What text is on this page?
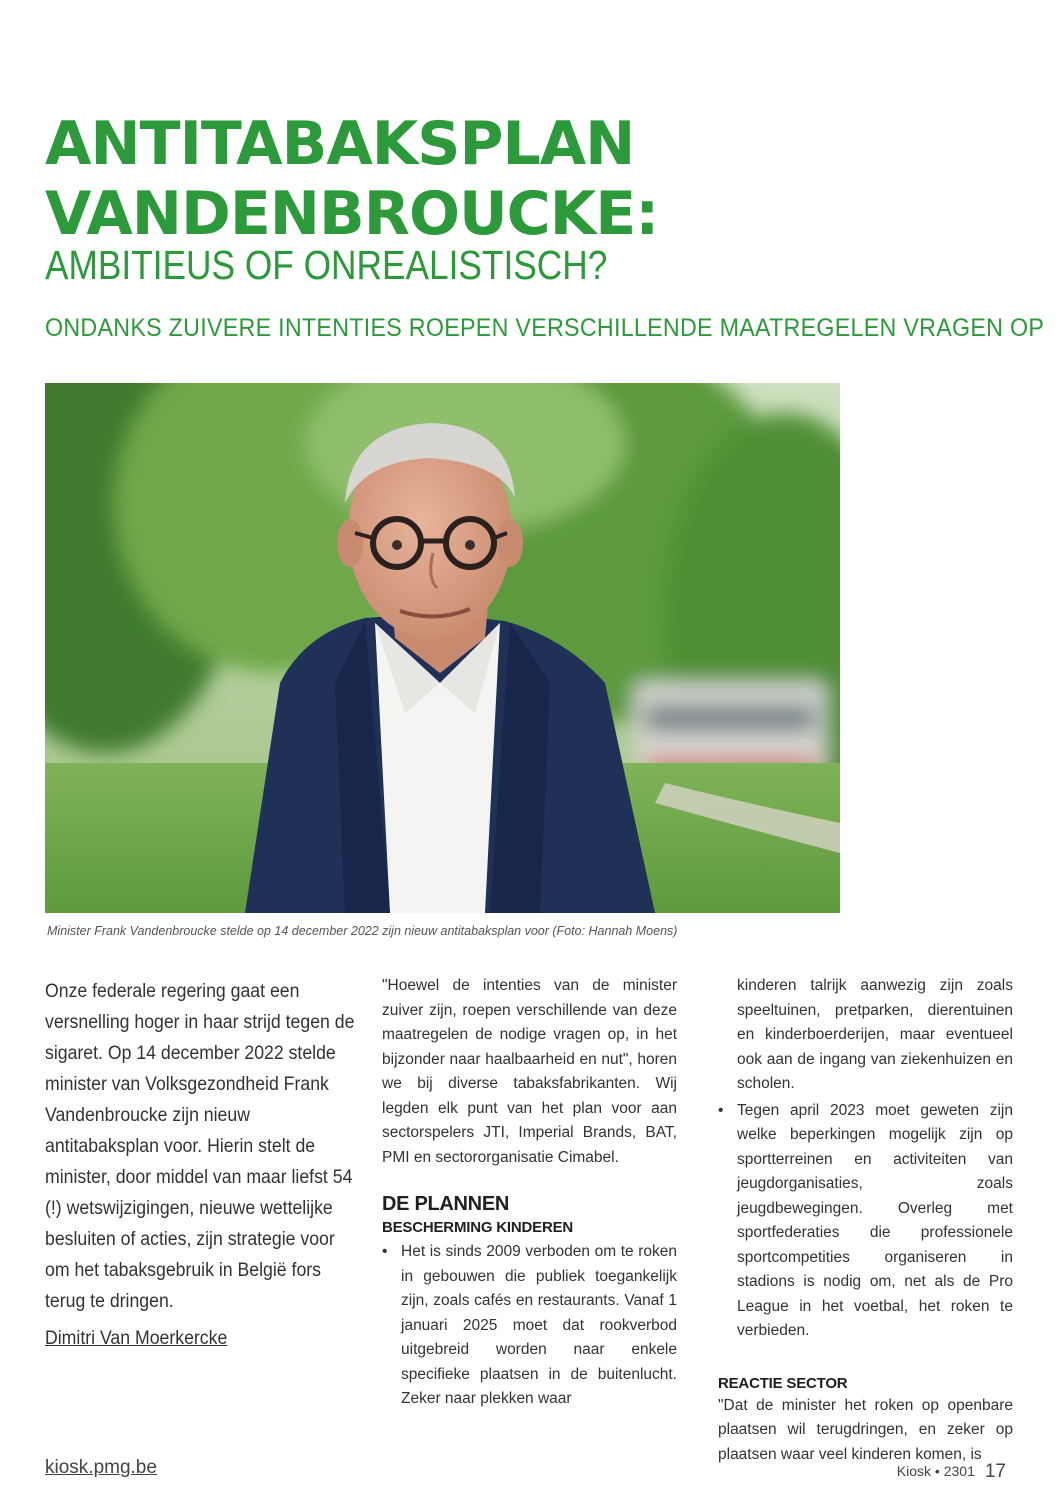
ANTITABAKSPLAN
VANDENBROUCKE:
AMBITIEUS OF ONREALISTISCH?

ONDANKS ZUIVERE INTENTIES ROEPEN VERSCHILLENDE MAATREGELEN VRAGEN OP

Minister Frank Vandenbroucke stelde op 14 december 2022 zijn nieuw antitabaksplan voor (Foto: Hannah Moens)

Onze federale regering gaat een versnelling hoger in haar strijd tegen de sigaret. Op 14 december 2022 stelde minister van Volksgezondheid Frank Vandenbroucke zijn nieuw antitabaksplan voor. Hierin stelt de minister, door middel van maar liefst 54 (!) wetswijzigingen, nieuwe wettelijke besluiten of acties, zijn strategie voor om het tabaksgebruik in België fors terug te dringen.

Dimitri Van Moerkercke

"Hoewel de intenties van de minister zuiver zijn, roepen verschillende van deze maatregelen de nodige vragen op, in het bijzonder naar haalbaarheid en nut", horen we bij diverse tabaksfabrikanten. Wij legden elk punt van het plan voor aan sectorspelers JTI, Imperial Brands, BAT, PMI en sectororganisatie Cimabel.

DE PLANNEN
BESCHERMING KINDEREN
• Het is sinds 2009 verboden om te roken in gebouwen die publiek toegankelijk zijn, zoals cafés en restaurants. Vanaf 1 januari 2025 moet dat rookverbod uitgebreid worden naar enkele specifieke plaatsen in de buitenlucht. Zeker naar plekken waar

kinderen talrijk aanwezig zijn zoals speeltuinen, pretparken, dierentuinen en kinderboerderijen, maar eventueel ook aan de ingang van ziekenhuizen en scholen.

• Tegen april 2023 moet geweten zijn welke beperkingen mogelijk zijn op sportterreinen en activiteiten van jeugdorganisaties, zoals jeugdbewegingen. Overleg met sportfederaties die professionele sportcompetities organiseren in stadions is nodig om, net als de Pro League in het voetbal, het roken te verbieden.
REACTIE SECTOR

"Dat de minister het roken op openbare plaatsen wil terugdringen, en zeker op plaatsen waar veel kinderen komen, is

kiosk.pmg.be	Kiosk • 2301 17
